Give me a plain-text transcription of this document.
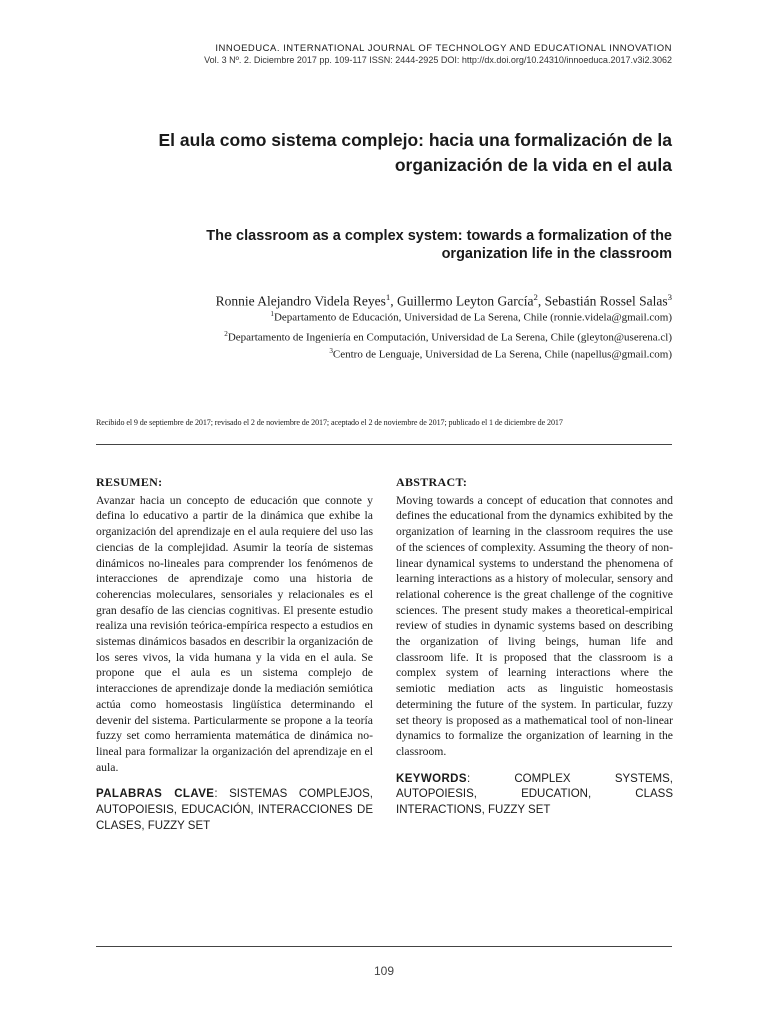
INNOEDUCA. INTERNATIONAL JOURNAL OF TECHNOLOGY AND EDUCATIONAL INNOVATION
Vol. 3 Nº. 2. Diciembre 2017 pp. 109-117 ISSN: 2444-2925 DOI: http://dx.doi.org/10.24310/innoeduca.2017.v3i2.3062
El aula como sistema complejo: hacia una formalización de la
organización de la vida en el aula
The classroom as a complex system: towards a formalization of the
organization life in the classroom
Ronnie Alejandro Videla Reyes$^1$, Guillermo Leyton García$^2$, Sebastián Rossel Salas$^3$
$^1$Departamento de Educación, Universidad de La Serena, Chile (ronnie.videla@gmail.com)
$^2$Departamento de Ingeniería en Computación, Universidad de La Serena, Chile (gleyton@userena.cl)
$^3$Centro de Lenguaje, Universidad de La Serena, Chile (napellus@gmail.com)
Recibido el 9 de septiembre de 2017; revisado el 2 de noviembre de 2017; aceptado el 2 de noviembre de 2017; publicado el 1 de diciembre de 2017
RESUMEN:

Avanzar hacia un concepto de educación que connote y defina lo educativo a partir de la dinámica que exhibe la organización del aprendizaje en el aula requiere del uso las ciencias de la complejidad. Asumir la teoría de sistemas dinámicos no-lineales para comprender los fenómenos de interacciones de aprendizaje como una historia de coherencias moleculares, sensoriales y relacionales es el gran desafío de las ciencias cognitivas. El presente estudio realiza una revisión teórica-empírica respecto a estudios en sistemas dinámicos basados en describir la organización de los seres vivos, la vida humana y la vida en el aula. Se propone que el aula es un sistema complejo de interacciones de aprendizaje donde la mediación semiótica actúa como homeostasis lingüística determinando el devenir del sistema. Particularmente se propone a la teoría fuzzy set como herramienta matemática de dinámica no-lineal para formalizar la organización del aprendizaje en el aula.

PALABRAS CLAVE: SISTEMAS COMPLEJOS, AUTOPOIESIS, EDUCACIÓN, INTERACCIONES DE CLASES, FUZZY SET
ABSTRACT:

Moving towards a concept of education that connotes and defines the educational from the dynamics exhibited by the organization of learning in the classroom requires the use of the sciences of complexity. Assuming the theory of non-linear dynamical systems to understand the phenomena of learning interactions as a history of molecular, sensory and relational coherence is the great challenge of the cognitive sciences. The present study makes a theoretical-empirical review of studies in dynamic systems based on describing the organization of living beings, human life and classroom life. It is proposed that the classroom is a complex system of learning interactions where the semiotic mediation acts as linguistic homeostasis determining the future of the system. In particular, fuzzy set theory is proposed as a mathematical tool of non-linear dynamics to formalize the organization of learning in the classroom.

KEYWORDS: COMPLEX SYSTEMS, AUTOPOIESIS, EDUCATION, CLASS INTERACTIONS, FUZZY SET
109
